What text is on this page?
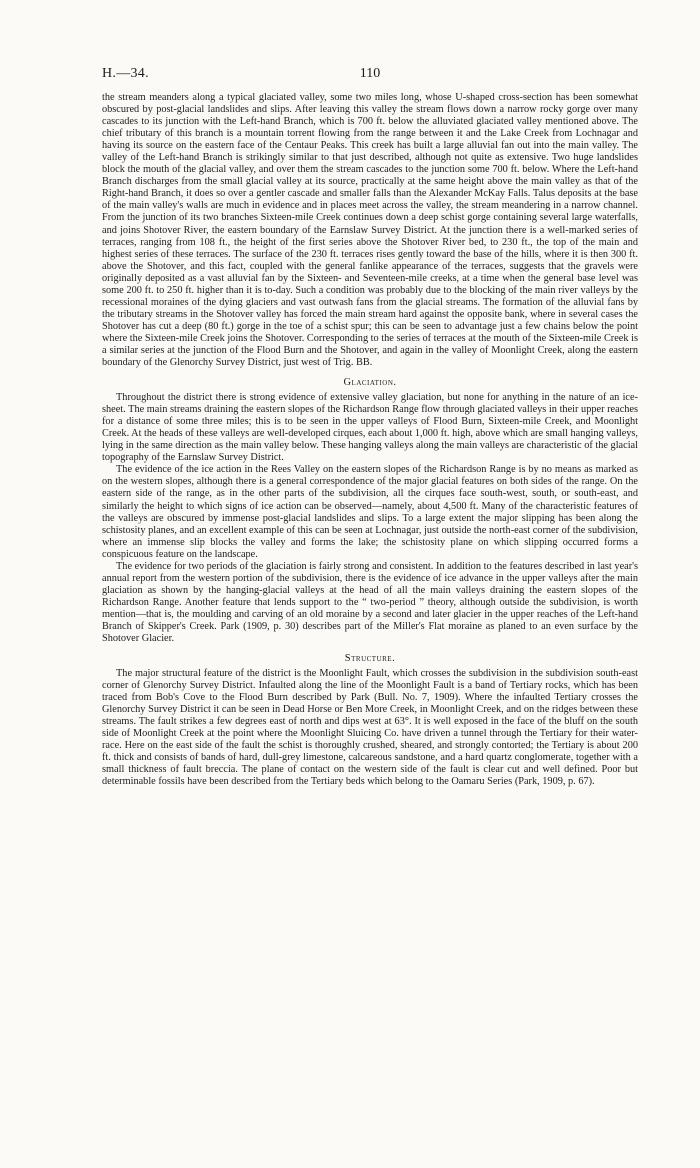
H.—34.	110

the stream meanders along a typical glaciated valley, some two miles long, whose U-shaped cross-section has been somewhat obscured by post-glacial landslides and slips. After leaving this valley the stream flows down a narrow rocky gorge over many cascades to its junction with the Left-hand Branch, which is 700 ft. below the alluviated glaciated valley mentioned above. The chief tributary of this branch is a mountain torrent flowing from the range between it and the Lake Creek from Lochnagar and having its source on the eastern face of the Centaur Peaks. This creek has built a large alluvial fan out into the main valley. The valley of the Left-hand Branch is strikingly similar to that just described, although not quite as extensive. Two huge landslides block the mouth of the glacial valley, and over them the stream cascades to the junction some 700 ft. below. Where the Left-hand Branch discharges from the small glacial valley at its source, practically at the same height above the main valley as that of the Right-hand Branch, it does so over a gentler cascade and smaller falls than the Alexander McKay Falls. Talus deposits at the base of the main valley's walls are much in evidence and in places meet across the valley, the stream meandering in a narrow channel. From the junction of its two branches Sixteen-mile Creek continues down a deep schist gorge containing several large waterfalls, and joins Shotover River, the eastern boundary of the Earnslaw Survey District. At the junction there is a well-marked series of terraces, ranging from 108 ft., the height of the first series above the Shotover River bed, to 230 ft., the top of the main and highest series of these terraces. The surface of the 230 ft. terraces rises gently toward the base of the hills, where it is then 300 ft. above the Shotover, and this fact, coupled with the general fanlike appearance of the terraces, suggests that the gravels were originally deposited as a vast alluvial fan by the Sixteen- and Seventeen-mile creeks, at a time when the general base level was some 200 ft. to 250 ft. higher than it is to-day. Such a condition was probably due to the blocking of the main river valleys by the recessional moraines of the dying glaciers and vast outwash fans from the glacial streams. The formation of the alluvial fans by the tributary streams in the Shotover valley has forced the main stream hard against the opposite bank, where in several cases the Shotover has cut a deep (80 ft.) gorge in the toe of a schist spur; this can be seen to advantage just a few chains below the point where the Sixteen-mile Creek joins the Shotover. Corresponding to the series of terraces at the mouth of the Sixteen-mile Creek is a similar series at the junction of the Flood Burn and the Shotover, and again in the valley of Moonlight Creek, along the eastern boundary of the Glenorchy Survey District, just west of Trig. BB.

Glaciation.

Throughout the district there is strong evidence of extensive valley glaciation, but none for anything in the nature of an ice-sheet. The main streams draining the eastern slopes of the Richardson Range flow through glaciated valleys in their upper reaches for a distance of some three miles; this is to be seen in the upper valleys of Flood Burn, Sixteen-mile Creek, and Moonlight Creek. At the heads of these valleys are well-developed cirques, each about 1,000 ft. high, above which are small hanging valleys, lying in the same direction as the main valley below. These hanging valleys along the main valleys are characteristic of the glacial topography of the Earnslaw Survey District.

The evidence of the ice action in the Rees Valley on the eastern slopes of the Richardson Range is by no means as marked as on the western slopes, although there is a general correspondence of the major glacial features on both sides of the range. On the eastern side of the range, as in the other parts of the subdivision, all the cirques face south-west, south, or south-east, and similarly the height to which signs of ice action can be observed—namely, about 4,500 ft. Many of the characteristic features of the valleys are obscured by immense post-glacial landslides and slips. To a large extent the major slipping has been along the schistosity planes, and an excellent example of this can be seen at Lochnagar, just outside the north-east corner of the subdivision, where an immense slip blocks the valley and forms the lake; the schistosity plane on which slipping occurred forms a conspicuous feature on the landscape.

The evidence for two periods of the glaciation is fairly strong and consistent. In addition to the features described in last year's annual report from the western portion of the subdivision, there is the evidence of ice advance in the upper valleys after the main glaciation as shown by the hanging-glacial valleys at the head of all the main valleys draining the eastern slopes of the Richardson Range. Another feature that lends support to the “ two-period ” theory, although outside the subdivision, is worth mention—that is, the moulding and carving of an old moraine by a second and later glacier in the upper reaches of the Left-hand Branch of Skipper's Creek. Park (1909, p. 30) describes part of the Miller's Flat moraine as planed to an even surface by the Shotover Glacier.

Structure.

The major structural feature of the district is the Moonlight Fault, which crosses the subdivision in the subdivision south-east corner of Glenorchy Survey District. Infaulted along the line of the Moonlight Fault is a band of Tertiary rocks, which has been traced from Bob's Cove to the Flood Burn described by Park (Bull. No. 7, 1909). Where the infaulted Tertiary crosses the Glenorchy Survey District it can be seen in Dead Horse or Ben More Creek, in Moonlight Creek, and on the ridges between these streams. The fault strikes a few degrees east of north and dips west at 63°. It is well exposed in the face of the bluff on the south side of Moonlight Creek at the point where the Moonlight Sluicing Co. have driven a tunnel through the Tertiary for their water-race. Here on the east side of the fault the schist is thoroughly crushed, sheared, and strongly contorted; the Tertiary is about 200 ft. thick and consists of bands of hard, dull-grey limestone, calcareous sandstone, and a hard quartz conglomerate, together with a small thickness of fault breccia. The plane of contact on the western side of the fault is clear cut and well defined. Poor but determinable fossils have been described from the Tertiary beds which belong to the Oamaru Series (Park, 1909, p. 67).
